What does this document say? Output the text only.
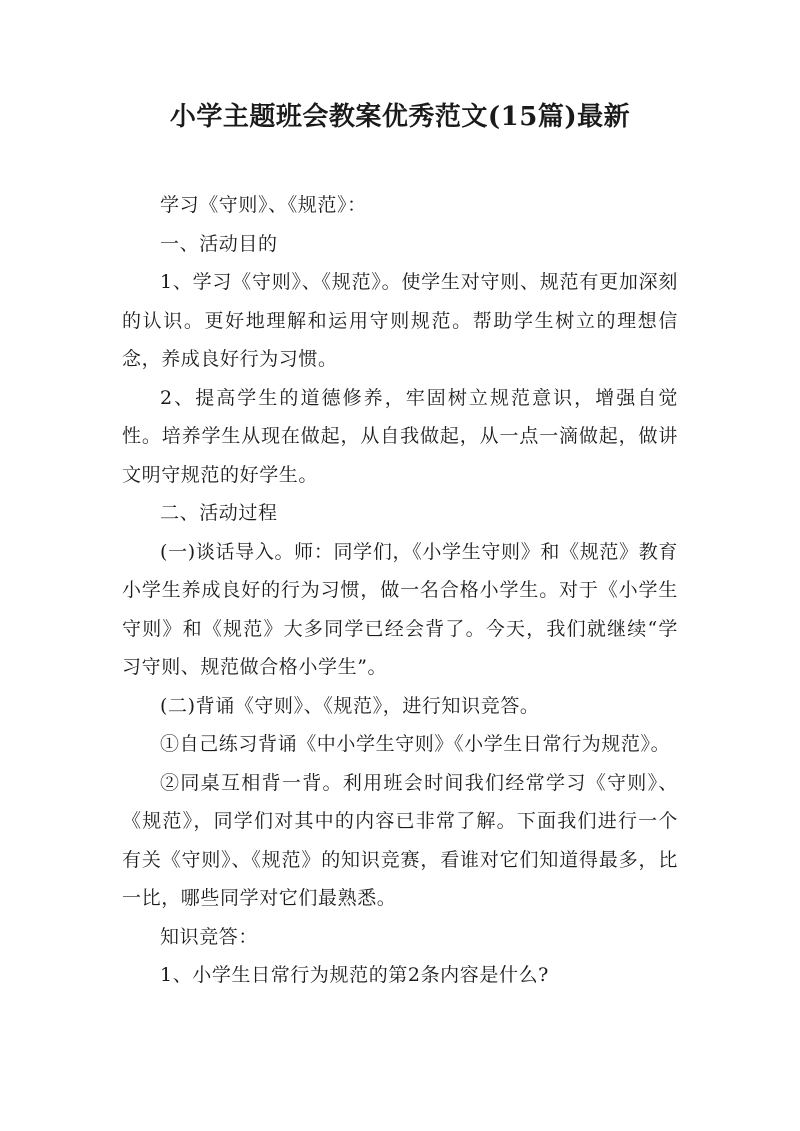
小学主题班会教案优秀范文(15篇)最新

学习《守则》、《规范》：

一、活动目的

1、学习《守则》、《规范》。使学生对守则、规范有更加深刻的认识。更好地理解和运用守则规范。帮助学生树立的理想信念，养成良好行为习惯。

2、提高学生的道德修养，牢固树立规范意识，增强自觉性。培养学生从现在做起，从自我做起，从一点一滴做起，做讲文明守规范的好学生。

二、活动过程

(一)谈话导入。师：同学们，《小学生守则》和《规范》教育小学生养成良好的行为习惯，做一名合格小学生。对于《小学生守则》和《规范》大多同学已经会背了。今天，我们就继续“学习守则、规范做合格小学生”。

(二)背诵《守则》、《规范》，进行知识竞答。

①自己练习背诵《中小学生守则》《小学生日常行为规范》。

②同桌互相背一背。利用班会时间我们经常学习《守则》、《规范》，同学们对其中的内容已非常了解。下面我们进行一个有关《守则》、《规范》的知识竞赛，看谁对它们知道得最多，比一比，哪些同学对它们最熟悉。

知识竞答：

1、小学生日常行为规范的第2条内容是什么?
